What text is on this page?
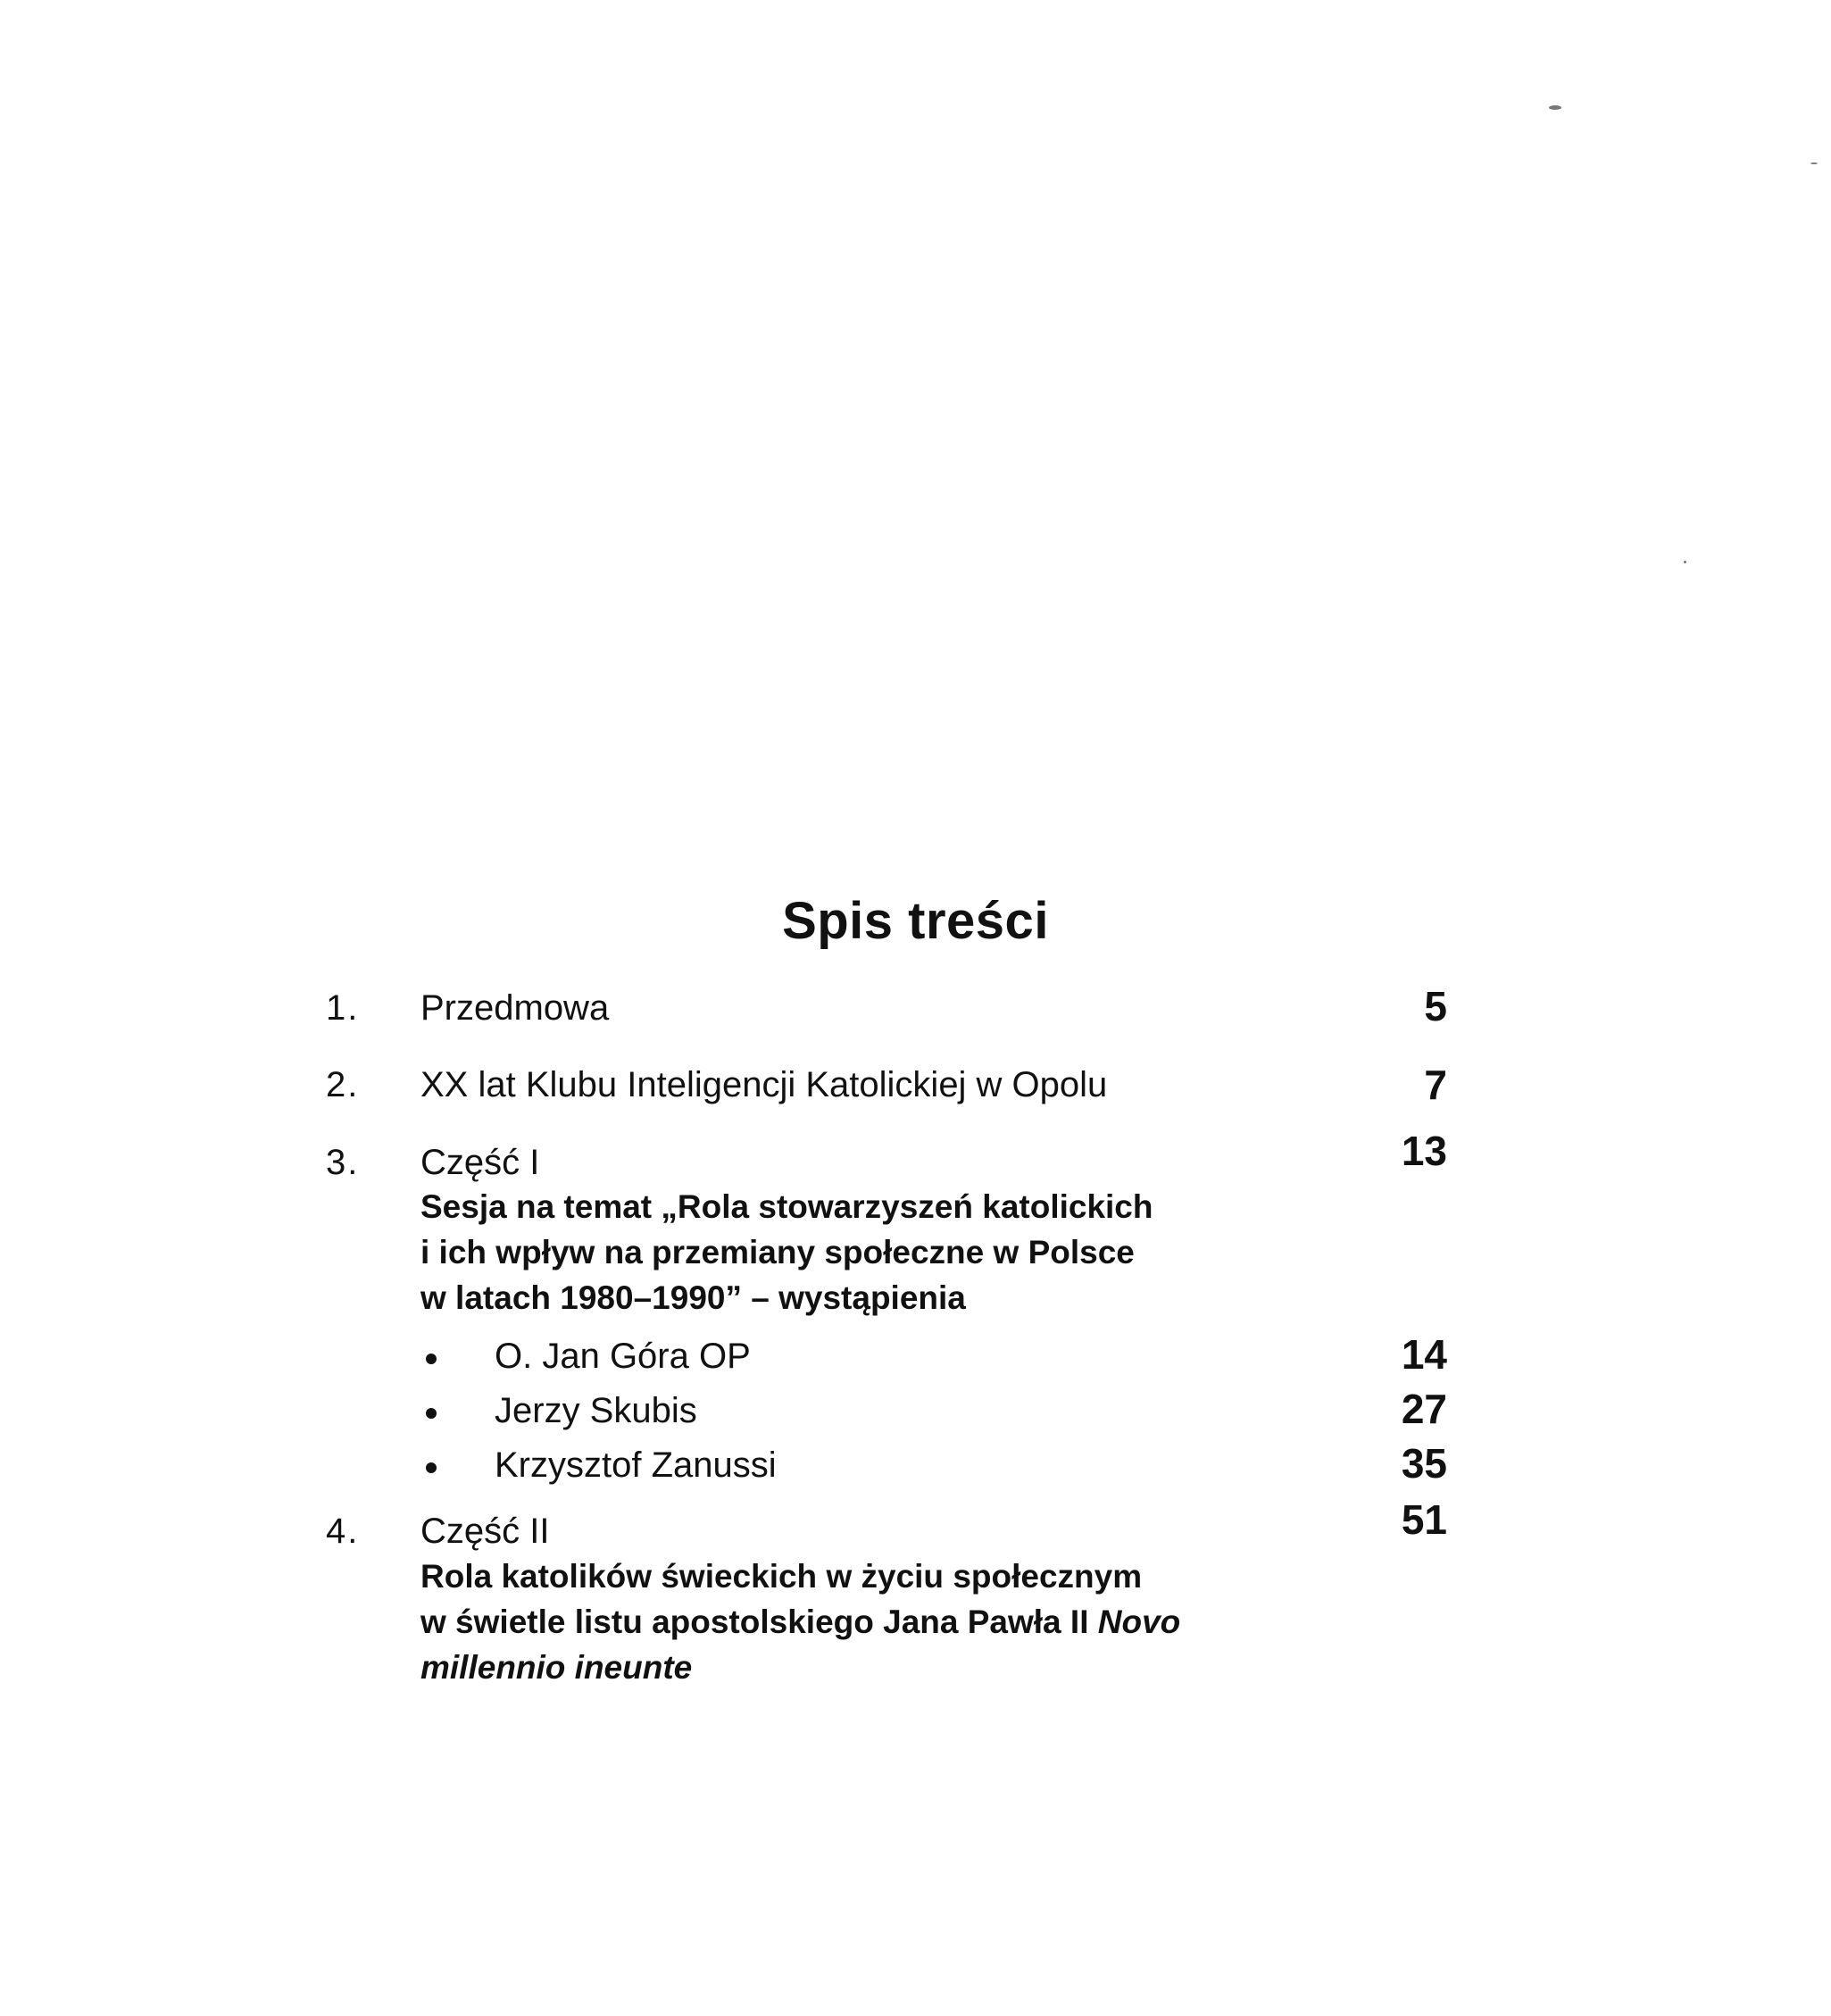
Spis treści
1. Przedmowa	5
2. XX lat Klubu Inteligencji Katolickiej w Opolu	7
3. Część I	13
Sesja na temat „Rola stowarzyszeń katolickich
i ich wpływ na przemiany społeczne w Polsce
w latach 1980–1990” – wystąpienia
O. Jan Góra OP	14
Jerzy Skubis	27
Krzysztof Zanussi	35
4. Część II	51
Rola katolików świeckich w życiu społecznym
w świetle listu apostolskiego Jana Pawła II Novo
millennio ineunte
